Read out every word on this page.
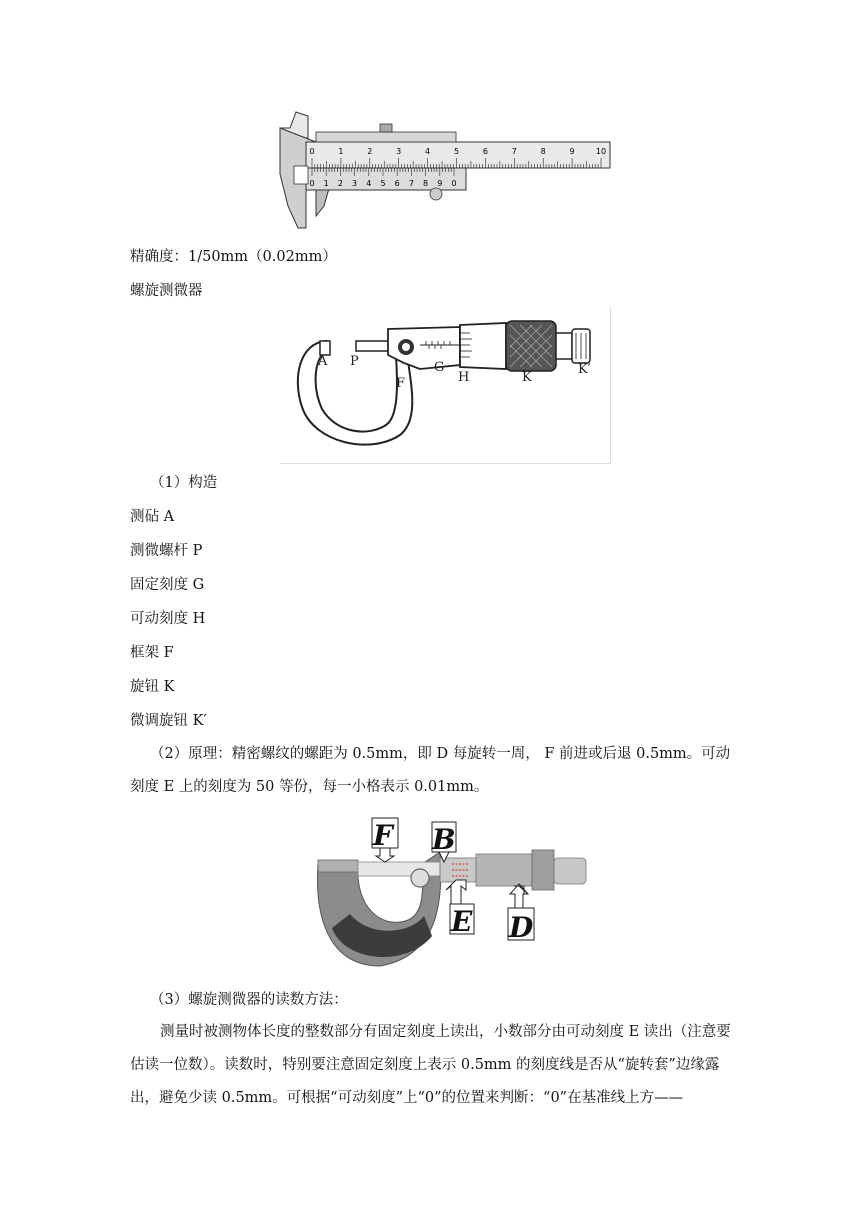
0	1	2	3	4	5	6	7	8	9	10
0 1 2 3 4 5 6 7 8 9 0
精确度：1/50mm（0.02mm）
螺旋测微器
A P
F
G
H	K
K′
（1）构造
测砧 A
测微螺杆 P
固定刻度 G
可动刻度 H
框架 F
旋钮 K
微调旋钮 K′
（2）原理：精密螺纹的螺距为 0.5mm，即 D 每旋转一周， F 前进或后退 0.5mm。可动刻度 E 上的刻度为 50 等份，每一小格表示 0.01mm。
F B
E D
（3）螺旋测微器的读数方法：
测量时被测物体长度的整数部分有固定刻度上读出，小数部分由可动刻度 E 读出（注意要估读一位数）。读数时，特别要注意固定刻度上表示 0.5mm 的刻度线是否从“旋转套”边缘露出，避免少读 0.5mm。可根据“可动刻度”上“0”的位置来判断：“0”在基准线上方——
